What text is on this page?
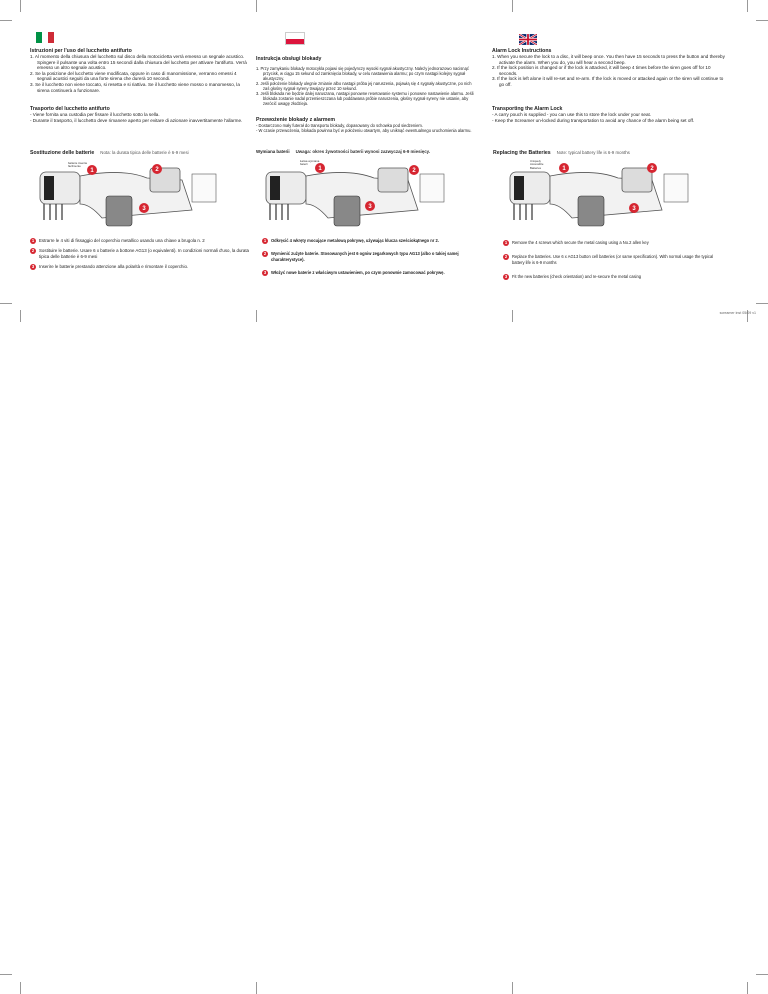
Istruzioni per l'uso del lucchetto antifurto
1. Al momento della chiusura del lucchetto sul disco della motocicletta verrà emesso un segnale acustico. Spingere il pulsante una volta entro 15 secondi dalla chiusura del lucchetto per attivare l'antifurto. Verrà emesso un altro segnale acustico.
2. Se la posizione del lucchetto viene modificata, oppure in caso di manomissione, verranno emessi 4 segnali acustici seguiti da una forte sirena che durerà 10 secondi.
3. Se il lucchetto non viene toccato, si resetta e si riattiva. Se il lucchetto viene mosso o manomesso, la sirena continuerà a funzionare.
Trasporto del lucchetto antifurto
- Viene fornita una custodia per fissare il lucchetto sotto la sella.
- Durante il trasporto, il lucchetto deve rimanere aperto per evitare di azionare inavvertitamente l'allarme.
Sostituzione delle batterie Nota: la durata tipica delle batterie è 6-9 mesi
Instrukcja obsługi blokady
1. Przy zamykaniu blokady motocykla pojawi się pojedynczy wysoki sygnał akustyczny. Należy jednorazowo nacisnąć przycisk, w ciągu 15 sekund od zamknięcia blokady, w celu nastawienia alarmu; po czym nastąpi kolejny sygnał akustyczny.
2. Jeśli położenie blokady ulegnie zmianie albo nastąpi próba jej naruszenia, pojawią się 4 sygnały akustyczne, po nich zaś głośny sygnał syreny trwający przez 10 sekund.
3. Jeśli blokada nie będzie dalej naruszana, nastąpi ponowne resetowanie systemu i ponowne nastawienie alarmu. Jeśli blokada zostanie nadal przemieszczana lub poddawana próbie naruszenia, głośny sygnał syreny nie ustanie, aby zwrócić uwagę złodzieja.
Przewożenie blokady z alarmem
- Dostarczono mały futerał do transportu blokady, dopasowany do schowka pod siedzeniem.
- W czasie przewożenia, blokada powinna być w położeniu otwartym, aby uniknąć ewentualnego uruchomienia alarmu.
Wymiana baterii Uwaga: okres żywotności baterii wynosi zazwyczaj 6-9 miesięcy.
Alarm Lock Instructions
1. When you secure the lock to a disc, it will beep once. You then have 15 seconds to press the button and thereby activate the alarm. When you do, you will hear a second beep.
2. If the lock position is changed or if the lock is attacked, it will beep 4 times before the siren goes off for 10 seconds.
3. If the lock is left alone it will re-set and re-arm. If the lock is moved or attacked again or the siren will continue to go off.
Transporting the Alarm Lock
- A carry pouch is supplied - you can use this to store the lock under your seat.
- Keep the Screamer un-locked during transportation to avoid any chance of the alarm being set off.
Replacing the Batteries Note: typical battery life is 6-9 months
1	2
3
batterie inserite facilmente	1	2
3
Łatwa wymiana baterii
1	2
3
Uniquely Accessible Batteries
1	Estrarre le 4 viti di fissaggio del coperchio metallico usando una chiave a brugola n. 2
2	Sostituire le batterie. Usare 6 x batterie a bottone AG13 (o equivalenti). In condizioni normali d'uso, la durata tipica delle batterie è 6-9 mesi
3	Inserire le batterie prestando attenzione alla polarità e rimontare il coperchio.
1	Odkręcić 4 wkręty mocujące metalową pokrywę, używając klucza sześciokątnego nr 2.
2	Wymienić zużyte baterie. Stosowanych jest 6 ogniw zegarkowych typu AG13 (albo o takiej samej charakterystyce).
3	Włożyć nowe baterie z właściwym ustawieniem, po czym ponownie zamocować pokrywę.
1	Remove the 4 screws which secure the metal casing using a No.2 allen key
2	Replace the batteries. Use 6 x AG13 button cell batteries (or same specification). With normal usage the typical battery life is 6-9 months
3	Fit the new batteries (check orientation) and re-secure the metal casing
screamer inst 05/09 v1
